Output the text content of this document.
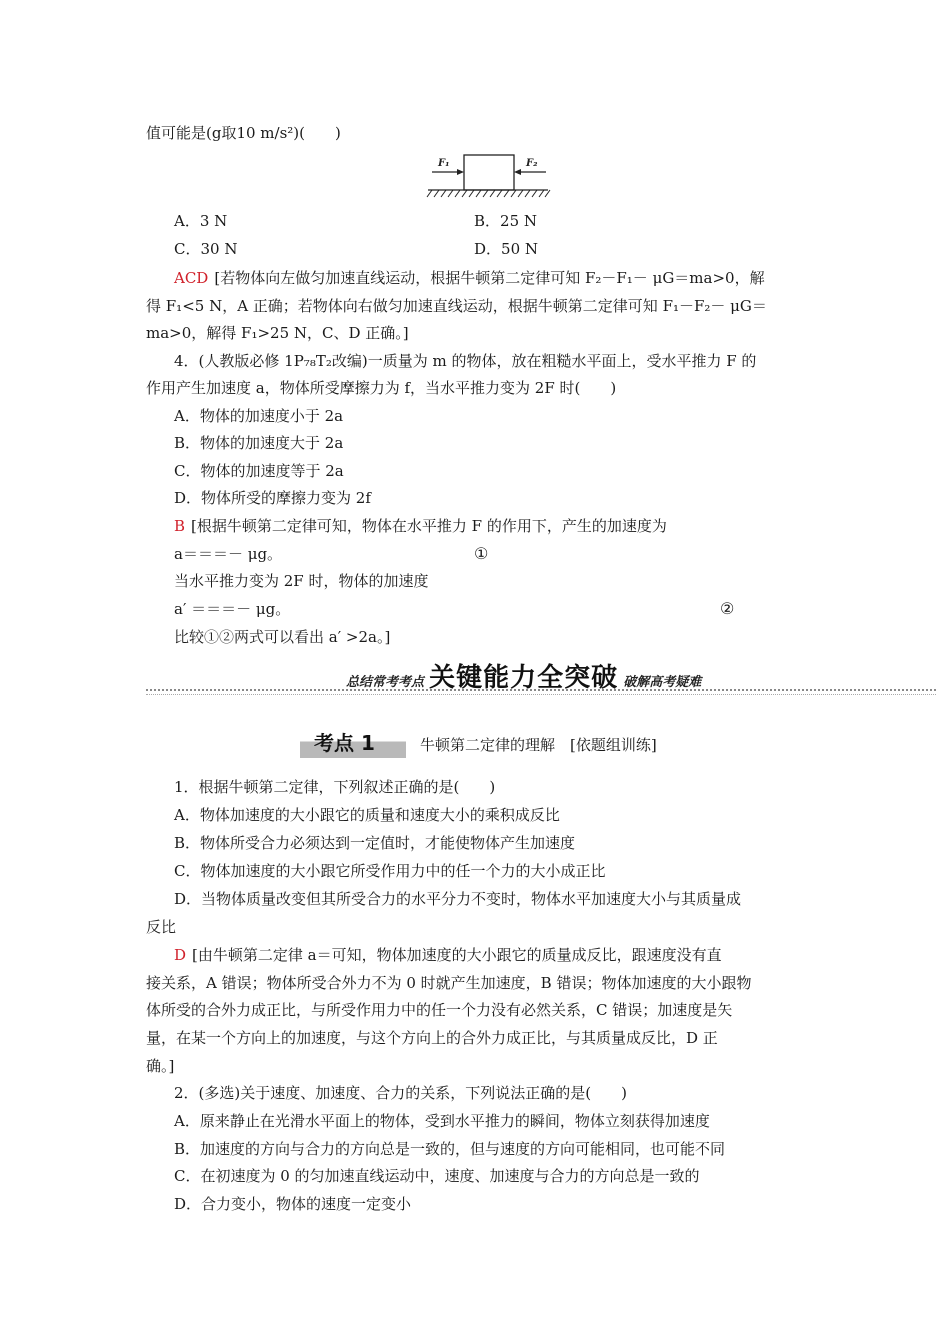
值可能是(g取10 m/s²)(　　)
F₁	F₂
A．3 N	B．25 N
C．30 N	D．50 N
ACD [若物体向左做匀加速直线运动，根据牛顿第二定律可知 F₂－F₁－ μG＝ma>0，解
得 F₁<5 N，A 正确；若物体向右做匀加速直线运动，根据牛顿第二定律可知 F₁－F₂－ μG＝
ma>0，解得 F₁>25 N，C、D 正确。]
4．(人教版必修 1P₇₈T₂改编)一质量为 m 的物体，放在粗糙水平面上，受水平推力 F 的
作用产生加速度 a，物体所受摩擦力为 f，当水平推力变为 2F 时(　　)
A．物体的加速度小于 2a
B．物体的加速度大于 2a
C．物体的加速度等于 2a
D．物体所受的摩擦力变为 2f
B [根据牛顿第二定律可知，物体在水平推力 F 的作用下，产生的加速度为
a＝＝＝－ μg。	①
当水平推力变为 2F 时，物体的加速度
a′ ＝＝＝－ μg。	②
比较①②两式可以看出 a′ >2a。]
总结常考考点 关键能力全突破 破解高考疑难
考点 1	牛顿第二定律的理解　[依题组训练]
1．根据牛顿第二定律，下列叙述正确的是(　　)
A．物体加速度的大小跟它的质量和速度大小的乘积成反比
B．物体所受合力必须达到一定值时，才能使物体产生加速度
C．物体加速度的大小跟它所受作用力中的任一个力的大小成正比
D．当物体质量改变但其所受合力的水平分力不变时，物体水平加速度大小与其质量成
反比
D [由牛顿第二定律 a＝可知，物体加速度的大小跟它的质量成反比，跟速度没有直
接关系，A 错误；物体所受合外力不为 0 时就产生加速度，B 错误；物体加速度的大小跟物
体所受的合外力成正比，与所受作用力中的任一个力没有必然关系，C 错误；加速度是矢
量，在某一个方向上的加速度，与这个方向上的合外力成正比，与其质量成反比，D 正
确。]
2．(多选)关于速度、加速度、合力的关系，下列说法正确的是(　　)
A．原来静止在光滑水平面上的物体，受到水平推力的瞬间，物体立刻获得加速度
B．加速度的方向与合力的方向总是一致的，但与速度的方向可能相同，也可能不同
C．在初速度为 0 的匀加速直线运动中，速度、加速度与合力的方向总是一致的
D．合力变小，物体的速度一定变小
